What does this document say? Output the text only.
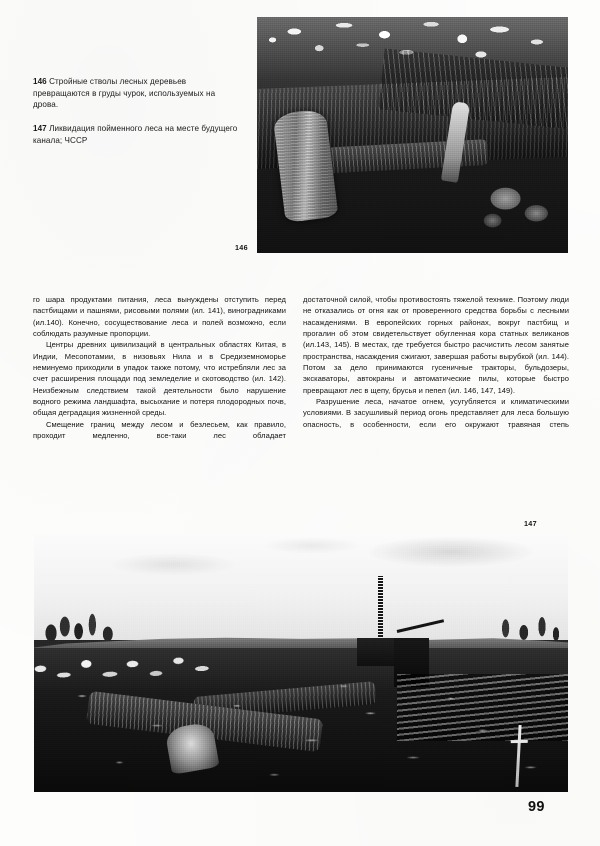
146 Стройные стволы лесных деревьев превращаются в груды чурок, используемых на дрова.

147 Ликвидация пойменного леса на месте будущего канала; ЧССР

146

го шара продуктами питания, леса вынуждены отступить перед пастбищами и пашнями, рисовыми полями (ил. 141), виноградниками (ил.140). Конечно, сосуществование леса и полей возможно, если соблюдать разумные пропорции.

Центры древних цивилизаций в центральных областях Китая, в Индии, Месопотамии, в низовьях Нила и в Средиземноморье неминуемо приходили в упадок также потому, что истребляли лес за счет расширения площади под земледелие и скотоводство (ил. 142). Неизбежным следствием такой деятельности было нарушение водного режима ландшафта, высыхание и потеря плодородных почв, общая деградация жизненной среды.

Смещение границ между лесом и безлесьем, как правило, проходит медленно, все-таки лес обладает

достаточной силой, чтобы противостоять тяжелой технике. Поэтому люди не отказались от огня как от проверенного средства борьбы с лесными насаждениями. В европейских горных районах, вокруг пастбищ и прогалин об этом свидетельствует обугленная кора статных великанов (ил.143, 145). В местах, где требуется быстро расчистить лесом занятые пространства, насаждения сжигают, завершая работы вырубкой (ил. 144). Потом за дело принимаются гусеничные тракторы, бульдозеры, экскаваторы, автокраны и автоматические пилы, которые быстро превращают лес в щепу, брусья и пепел (ил. 146, 147, 149).

Разрушение леса, начатое огнем, усугубляется и климатическими условиями. В засушливый период огонь представляет для леса большую опасность, в особенности, если его окружают травяная степь

147
99
